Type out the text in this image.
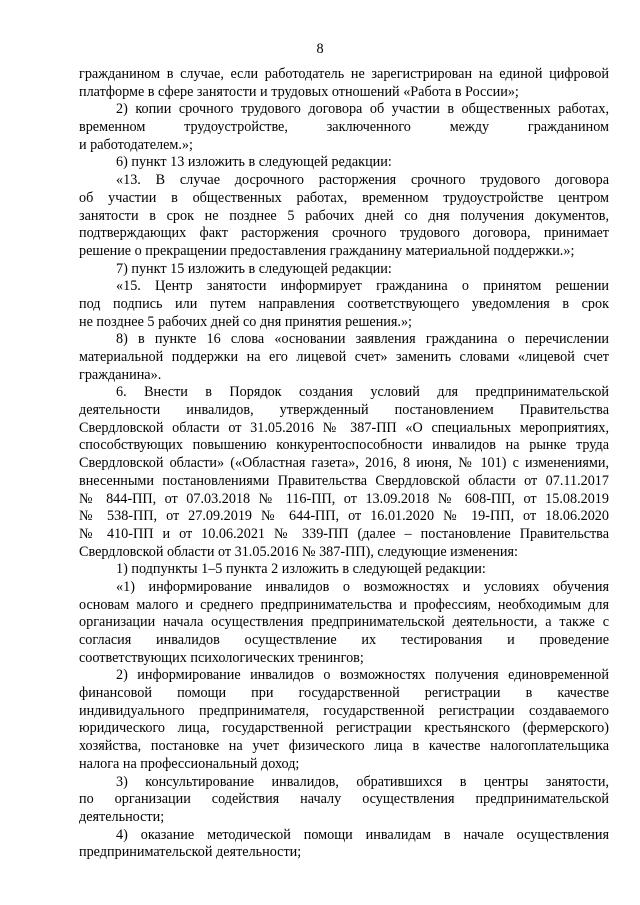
8
гражданином в случае, если работодатель не зарегистрирован на единой цифровой
платформе в сфере занятости и трудовых отношений «Работа в России»;
2) копии срочного трудового договора об участии в общественных работах,
временном трудоустройстве, заключенного между гражданином
и работодателем.»;
6) пункт 13 изложить в следующей редакции:
«13. В случае досрочного расторжения срочного трудового договора
об участии в общественных работах, временном трудоустройстве центром
занятости в срок не позднее 5 рабочих дней со дня получения документов,
подтверждающих факт расторжения срочного трудового договора, принимает
решение о прекращении предоставления гражданину материальной поддержки.»;
7) пункт 15 изложить в следующей редакции:
«15. Центр занятости информирует гражданина о принятом решении
под подпись или путем направления соответствующего уведомления в срок
не позднее 5 рабочих дней со дня принятия решения.»;
8) в пункте 16 слова «основании заявления гражданина о перечислении
материальной поддержки на его лицевой счет» заменить словами «лицевой счет
гражданина».
6. Внести в Порядок создания условий для предпринимательской
деятельности инвалидов, утвержденный постановлением Правительства
Свердловской области от 31.05.2016 № 387-ПП «О специальных мероприятиях,
способствующих повышению конкурентоспособности инвалидов на рынке труда
Свердловской области» («Областная газета», 2016, 8 июня, № 101) с изменениями,
внесенными постановлениями Правительства Свердловской области от 07.11.2017
№ 844-ПП, от 07.03.2018 № 116-ПП, от 13.09.2018 № 608-ПП, от 15.08.2019
№ 538-ПП, от 27.09.2019 № 644-ПП, от 16.01.2020 № 19-ПП, от 18.06.2020
№ 410-ПП и от 10.06.2021 № 339-ПП (далее – постановление Правительства
Свердловской области от 31.05.2016 № 387-ПП), следующие изменения:
1) подпункты 1–5 пункта 2 изложить в следующей редакции:
«1) информирование инвалидов о возможностях и условиях обучения
основам малого и среднего предпринимательства и профессиям, необходимым для
организации начала осуществления предпринимательской деятельности, а также с
согласия инвалидов осуществление их тестирования и проведение
соответствующих психологических тренингов;
2) информирование инвалидов о возможностях получения единовременной
финансовой помощи при государственной регистрации в качестве
индивидуального предпринимателя, государственной регистрации создаваемого
юридического лица, государственной регистрации крестьянского (фермерского)
хозяйства, постановке на учет физического лица в качестве налогоплательщика
налога на профессиональный доход;
3) консультирование инвалидов, обратившихся в центры занятости,
по организации содействия началу осуществления предпринимательской
деятельности;
4) оказание методической помощи инвалидам в начале осуществления
предпринимательской деятельности;
